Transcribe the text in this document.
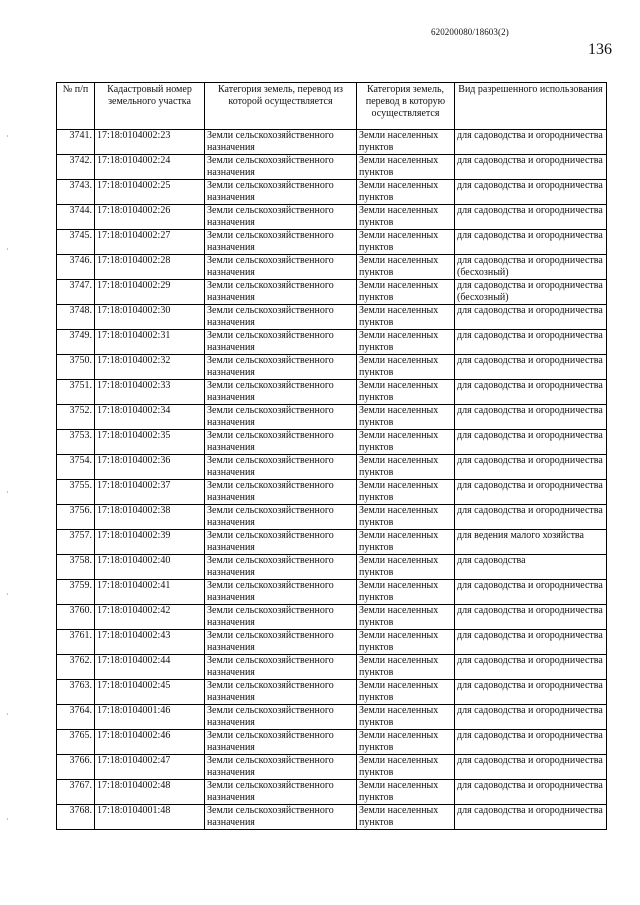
620200080/18603(2)
136
·
·
·
·
·
·
№ п/п	Кадастровый номер земельного участка	Категория земель, перевод из которой осуществляется	Категория земель, перевод в которую осуществляется	Вид разрешенного использования
3741.	17:18:0104002:23	Земли сельскохозяйственного назначения	Земли населенных пунктов	для садоводства и огородничества
3742.	17:18:0104002:24	Земли сельскохозяйственного назначения	Земли населенных пунктов	для садоводства и огородничества
3743.	17:18:0104002:25	Земли сельскохозяйственного назначения	Земли населенных пунктов	для садоводства и огородничества
3744.	17:18:0104002:26	Земли сельскохозяйственного назначения	Земли населенных пунктов	для садоводства и огородничества
3745.	17:18:0104002:27	Земли сельскохозяйственного назначения	Земли населенных пунктов	для садоводства и огородничества
3746.	17:18:0104002:28	Земли сельскохозяйственного назначения	Земли населенных пунктов	для садоводства и огородничества (бесхозный)
3747.	17:18:0104002:29	Земли сельскохозяйственного назначения	Земли населенных пунктов	для садоводства и огородничества (бесхозный)
3748.	17:18:0104002:30	Земли сельскохозяйственного назначения	Земли населенных пунктов	для садоводства и огородничества
3749.	17:18:0104002:31	Земли сельскохозяйственного назначения	Земли населенных пунктов	для садоводства и огородничества
3750.	17:18:0104002:32	Земли сельскохозяйственного назначения	Земли населенных пунктов	для садоводства и огородничества
3751.	17:18:0104002:33	Земли сельскохозяйственного назначения	Земли населенных пунктов	для садоводства и огородничества
3752.	17:18:0104002:34	Земли сельскохозяйственного назначения	Земли населенных пунктов	для садоводства и огородничества
3753.	17:18:0104002:35	Земли сельскохозяйственного назначения	Земли населенных пунктов	для садоводства и огородничества
3754.	17:18:0104002:36	Земли сельскохозяйственного назначения	Земли населенных пунктов	для садоводства и огородничества
3755.	17:18:0104002:37	Земли сельскохозяйственного назначения	Земли населенных пунктов	для садоводства и огородничества
3756.	17:18:0104002:38	Земли сельскохозяйственного назначения	Земли населенных пунктов	для садоводства и огородничества
3757.	17:18:0104002:39	Земли сельскохозяйственного назначения	Земли населенных пунктов	для ведения малого хозяйства
3758.	17:18:0104002:40	Земли сельскохозяйственного назначения	Земли населенных пунктов	для садоводства
3759.	17:18:0104002:41	Земли сельскохозяйственного назначения	Земли населенных пунктов	для садоводства и огородничества
3760.	17:18:0104002:42	Земли сельскохозяйственного назначения	Земли населенных пунктов	для садоводства и огородничества
3761.	17:18:0104002:43	Земли сельскохозяйственного назначения	Земли населенных пунктов	для садоводства и огородничества
3762.	17:18:0104002:44	Земли сельскохозяйственного назначения	Земли населенных пунктов	для садоводства и огородничества
3763.	17:18:0104002:45	Земли сельскохозяйственного назначения	Земли населенных пунктов	для садоводства и огородничества
3764.	17:18:0104001:46	Земли сельскохозяйственного назначения	Земли населенных пунктов	для садоводства и огородничества
3765.	17:18:0104002:46	Земли сельскохозяйственного назначения	Земли населенных пунктов	для садоводства и огородничества
3766.	17:18:0104002:47	Земли сельскохозяйственного назначения	Земли населенных пунктов	для садоводства и огородничества
3767.	17:18:0104002:48	Земли сельскохозяйственного назначения	Земли населенных пунктов	для садоводства и огородничества
3768.	17:18:0104001:48	Земли сельскохозяйственного назначения	Земли населенных пунктов	для садоводства и огородничества
